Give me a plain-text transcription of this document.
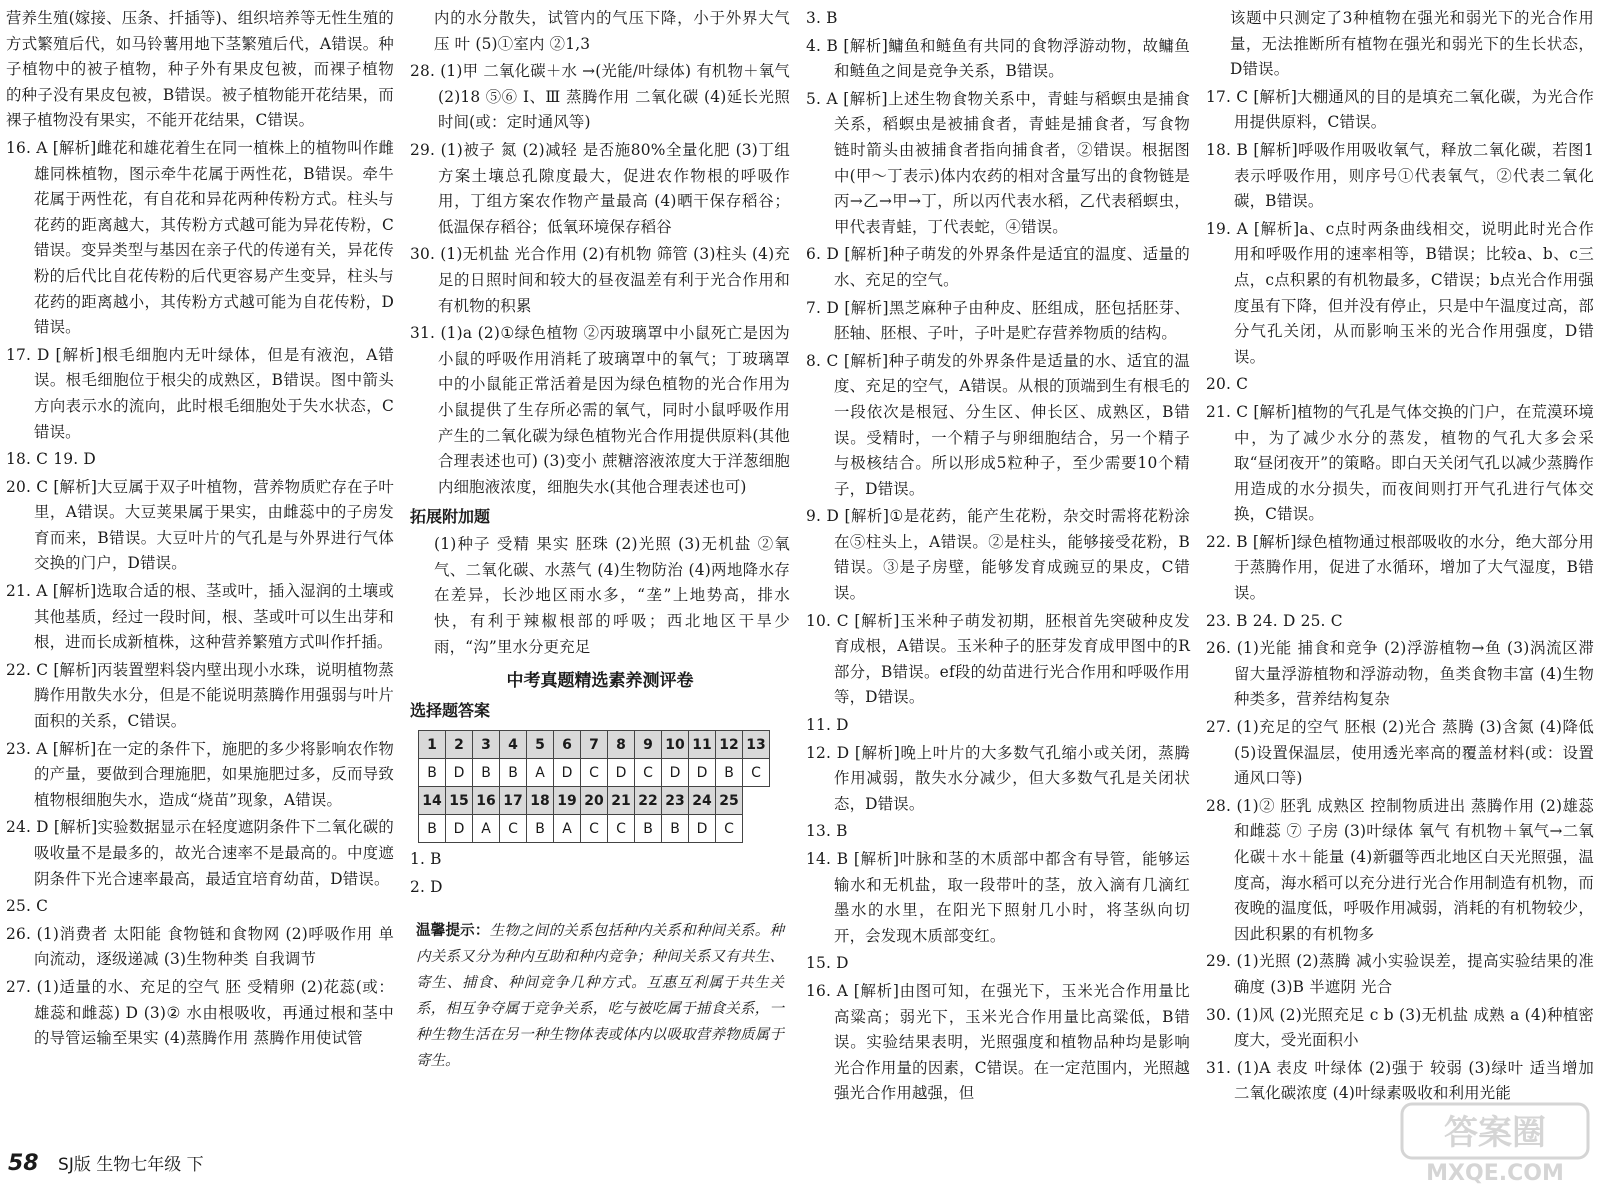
营养生殖(嫁接、压条、扦插等)、组织培养等无性生殖的方式繁殖后代，如马铃薯用地下茎繁殖后代，A错误。种子植物中的被子植物，种子外有果皮包被，而裸子植物的种子没有果皮包被，B错误。被子植物能开花结果，而裸子植物没有果实，不能开花结果，C错误。

16. A [解析]雌花和雄花着生在同一植株上的植物叫作雌雄同株植物，图示牵牛花属于两性花，B错误。牵牛花属于两性花，有自花和异花两种传粉方式。柱头与花药的距离越大，其传粉方式越可能为异花传粉，C错误。变异类型与基因在亲子代的传递有关，异花传粉的后代比自花传粉的后代更容易产生变异，柱头与花药的距离越小，其传粉方式越可能为自花传粉，D错误。

17. D [解析]根毛细胞内无叶绿体，但是有液泡，A错误。根毛细胞位于根尖的成熟区，B错误。图中箭头方向表示水的流向，此时根毛细胞处于失水状态，C错误。

18. C 19. D

20. C [解析]大豆属于双子叶植物，营养物质贮存在子叶里，A错误。大豆荚果属于果实，由雌蕊中的子房发育而来，B错误。大豆叶片的气孔是与外界进行气体交换的门户，D错误。

21. A [解析]选取合适的根、茎或叶，插入湿润的土壤或其他基质，经过一段时间，根、茎或叶可以生出芽和根，进而长成新植株，这种营养繁殖方式叫作扦插。

22. C [解析]丙装置塑料袋内壁出现小水珠，说明植物蒸腾作用散失水分，但是不能说明蒸腾作用强弱与叶片面积的关系，C错误。

23. A [解析]在一定的条件下，施肥的多少将影响农作物的产量，要做到合理施肥，如果施肥过多，反而导致植物根细胞失水，造成“烧苗”现象，A错误。

24. D [解析]实验数据显示在轻度遮阴条件下二氧化碳的吸收量不是最多的，故光合速率不是最高的。中度遮阴条件下光合速率最高，最适宜培育幼苗，D错误。

25. C

26. (1)消费者 太阳能 食物链和食物网 (2)呼吸作用 单向流动，逐级递减 (3)生物种类 自我调节

27. (1)适量的水、充足的空气 胚 受精卵 (2)花蕊(或：雄蕊和雌蕊) D (3)② 水由根吸收，再通过根和茎中的导管运输至果实 (4)蒸腾作用 蒸腾作用使试管

内的水分散失，试管内的气压下降，小于外界大气压 叶 (5)①室内 ②1,3

28. (1)甲 二氧化碳＋水 →(光能/叶绿体) 有机物＋氧气 (2)18 ⑤⑥ Ⅰ、Ⅲ 蒸腾作用 二氧化碳 (4)延长光照时间(或：定时通风等)

29. (1)被子 氮 (2)减轻 是否施80%全量化肥 (3)丁组方案土壤总孔隙度最大，促进农作物根的呼吸作用，丁组方案农作物产量最高 (4)晒干保存稻谷；低温保存稻谷；低氧环境保存稻谷

30. (1)无机盐 光合作用 (2)有机物 筛管 (3)柱头 (4)充足的日照时间和较大的昼夜温差有利于光合作用和有机物的积累

31. (1)a (2)①绿色植物 ②丙玻璃罩中小鼠死亡是因为小鼠的呼吸作用消耗了玻璃罩中的氧气；丁玻璃罩中的小鼠能正常活着是因为绿色植物的光合作用为小鼠提供了生存所必需的氧气，同时小鼠呼吸作用产生的二氧化碳为绿色植物光合作用提供原料(其他合理表述也可) (3)变小 蔗糖溶液浓度大于洋葱细胞内细胞液浓度，细胞失水(其他合理表述也可)

拓展附加题

(1)种子 受精 果实 胚珠 (2)光照 (3)无机盐 ②氧气、二氧化碳、水蒸气 (4)生物防治 (4)两地降水存在差异，长沙地区雨水多，“垄”上地势高，排水快，有利于辣椒根部的呼吸；西北地区干旱少雨，“沟”里水分更充足

中考真题精选素养测评卷
选择题答案
1	2	3	4	5	6	7	8	9	10	11	12	13
B	D	B	B	A	D	C	D	C	D	D	B	C
14	15	16	17	18	19	20	21	22	23	24	25	
B	D	A	C	B	A	C	C	B	B	D	C	

1. B

2. D

温馨提示：生物之间的关系包括种内关系和种间关系。种内关系又分为种内互助和种内竞争；种间关系又有共生、寄生、捕食、种间竞争几种方式。互惠互利属于共生关系，相互争夺属于竞争关系，吃与被吃属于捕食关系，一种生物生活在另一种生物体表或体内以吸取营养物质属于寄生。

3. B

4. B [解析]鳙鱼和鲢鱼有共同的食物浮游动物，故鳙鱼和鲢鱼之间是竞争关系，B错误。

5. A [解析]上述生物食物关系中，青蛙与稻螟虫是捕食关系，稻螟虫是被捕食者，青蛙是捕食者，写食物链时箭头由被捕食者指向捕食者，②错误。根据图中(甲～丁表示)体内农药的相对含量写出的食物链是丙→乙→甲→丁，所以丙代表水稻，乙代表稻螟虫，甲代表青蛙，丁代表蛇，④错误。

6. D [解析]种子萌发的外界条件是适宜的温度、适量的水、充足的空气。

7. D [解析]黑芝麻种子由种皮、胚组成，胚包括胚芽、胚轴、胚根、子叶，子叶是贮存营养物质的结构。

8. C [解析]种子萌发的外界条件是适量的水、适宜的温度、充足的空气，A错误。从根的顶端到生有根毛的一段依次是根冠、分生区、伸长区、成熟区，B错误。受精时，一个精子与卵细胞结合，另一个精子与极核结合。所以形成5粒种子，至少需要10个精子，D错误。

9. D [解析]①是花药，能产生花粉，杂交时需将花粉涂在⑤柱头上，A错误。②是柱头，能够接受花粉，B错误。③是子房壁，能够发育成豌豆的果皮，C错误。

10. C [解析]玉米种子萌发初期，胚根首先突破种皮发育成根，A错误。玉米种子的胚芽发育成甲图中的R部分，B错误。ef段的幼苗进行光合作用和呼吸作用等，D错误。

11. D

12. D [解析]晚上叶片的大多数气孔缩小或关闭，蒸腾作用减弱，散失水分减少，但大多数气孔是关闭状态，D错误。

13. B

14. B [解析]叶脉和茎的木质部中都含有导管，能够运输水和无机盐，取一段带叶的茎，放入滴有几滴红墨水的水里，在阳光下照射几小时，将茎纵向切开，会发现木质部变红。

15. D

16. A [解析]由图可知，在强光下，玉米光合作用量比高粱高；弱光下，玉米光合作用量比高粱低，B错误。实验结果表明，光照强度和植物品种均是影响光合作用量的因素，C错误。在一定范围内，光照越强光合作用越强，但

该题中只测定了3种植物在强光和弱光下的光合作用量，无法推断所有植物在强光和弱光下的生长状态，D错误。

17. C [解析]大棚通风的目的是填充二氧化碳，为光合作用提供原料，C错误。

18. B [解析]呼吸作用吸收氧气，释放二氧化碳，若图1表示呼吸作用，则序号①代表氧气，②代表二氧化碳，B错误。

19. A [解析]a、c点时两条曲线相交，说明此时光合作用和呼吸作用的速率相等，B错误；比较a、b、c三点，c点积累的有机物最多，C错误；b点光合作用强度虽有下降，但并没有停止，只是中午温度过高，部分气孔关闭，从而影响玉米的光合作用强度，D错误。

20. C

21. C [解析]植物的气孔是气体交换的门户，在荒漠环境中，为了减少水分的蒸发，植物的气孔大多会采取“昼闭夜开”的策略。即白天关闭气孔以减少蒸腾作用造成的水分损失，而夜间则打开气孔进行气体交换，C错误。

22. B [解析]绿色植物通过根部吸收的水分，绝大部分用于蒸腾作用，促进了水循环，增加了大气湿度，B错误。

23. B 24. D 25. C

26. (1)光能 捕食和竞争 (2)浮游植物→鱼 (3)涡流区滞留大量浮游植物和浮游动物，鱼类食物丰富 (4)生物种类多，营养结构复杂

27. (1)充足的空气 胚根 (2)光合 蒸腾 (3)含氮 (4)降低 (5)设置保温层，使用透光率高的覆盖材料(或：设置通风口等)

28. (1)② 胚乳 成熟区 控制物质进出 蒸腾作用 (2)雄蕊和雌蕊 ⑦ 子房 (3)叶绿体 氧气 有机物＋氧气→二氧化碳＋水＋能量 (4)新疆等西北地区白天光照强，温度高，海水稻可以充分进行光合作用制造有机物，而夜晚的温度低，呼吸作用减弱，消耗的有机物较少，因此积累的有机物多

29. (1)光照 (2)蒸腾 减小实验误差，提高实验结果的准确度 (3)B 半遮阴 光合

30. (1)风 (2)光照充足 c b (3)无机盐 成熟 a (4)种植密度大，受光面积小

31. (1)A 表皮 叶绿体 (2)强于 较弱 (3)绿叶 适当增加二氧化碳浓度 (4)叶绿素吸收和利用光能

58 SJ版 生物七年级 下
答案圈
MXQE.COM
